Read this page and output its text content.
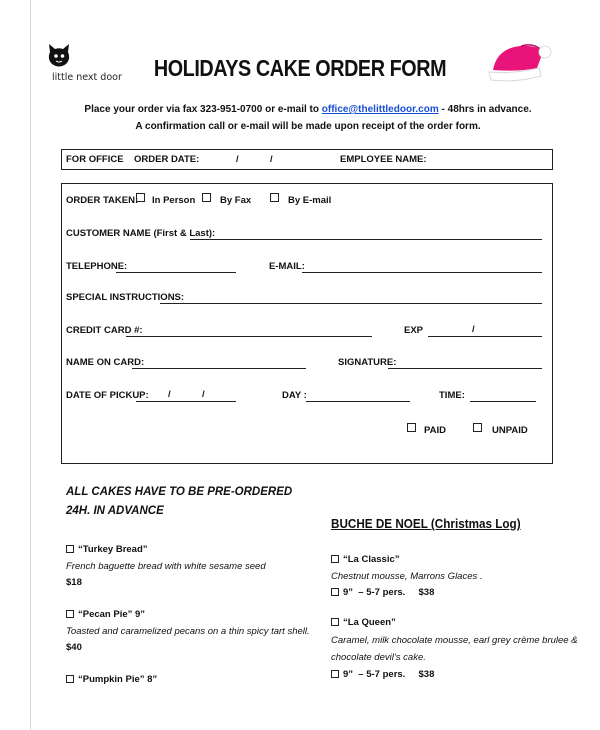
little next door	HOLIDAYS CAKE ORDER FORM
Place your order via fax 323-951-0700 or e-mail to office@thelittledoor.com - 48hrs in advance.
A confirmation call or e-mail will be made upon receipt of the order form.
FOR OFFICE ORDER DATE:	/	/	EMPLOYEE NAME:
ORDER TAKEN: In Person	By Fax	By E-mail
CUSTOMER NAME (First & Last):
TELEPHONE:	E-MAIL:
SPECIAL INSTRUCTIONS:
CREDIT CARD #:	EXP	/
NAME ON CARD:	SIGNATURE:
DATE OF PICKUP: /	/	DAY :	TIME:
PAID	UNPAID
ALL CAKES HAVE TO BE PRE-ORDERED 24H. IN ADVANCE
BUCHE DE NOEL (Christmas Log)
“Turkey Bread”
French baguette bread with white sesame seed
$18
“Pecan Pie” 9”
Toasted and caramelized pecans on a thin spicy tart shell.
$40
“Pumpkin Pie” 8”
“La Classic”
Chestnut mousse, Marrons Glaces .
9”  – 5-7 pers.     $38
“La Queen”
Caramel, milk chocolate mousse, earl grey crème brulee &
chocolate devil’s cake.
9”  – 5-7 pers.     $38
